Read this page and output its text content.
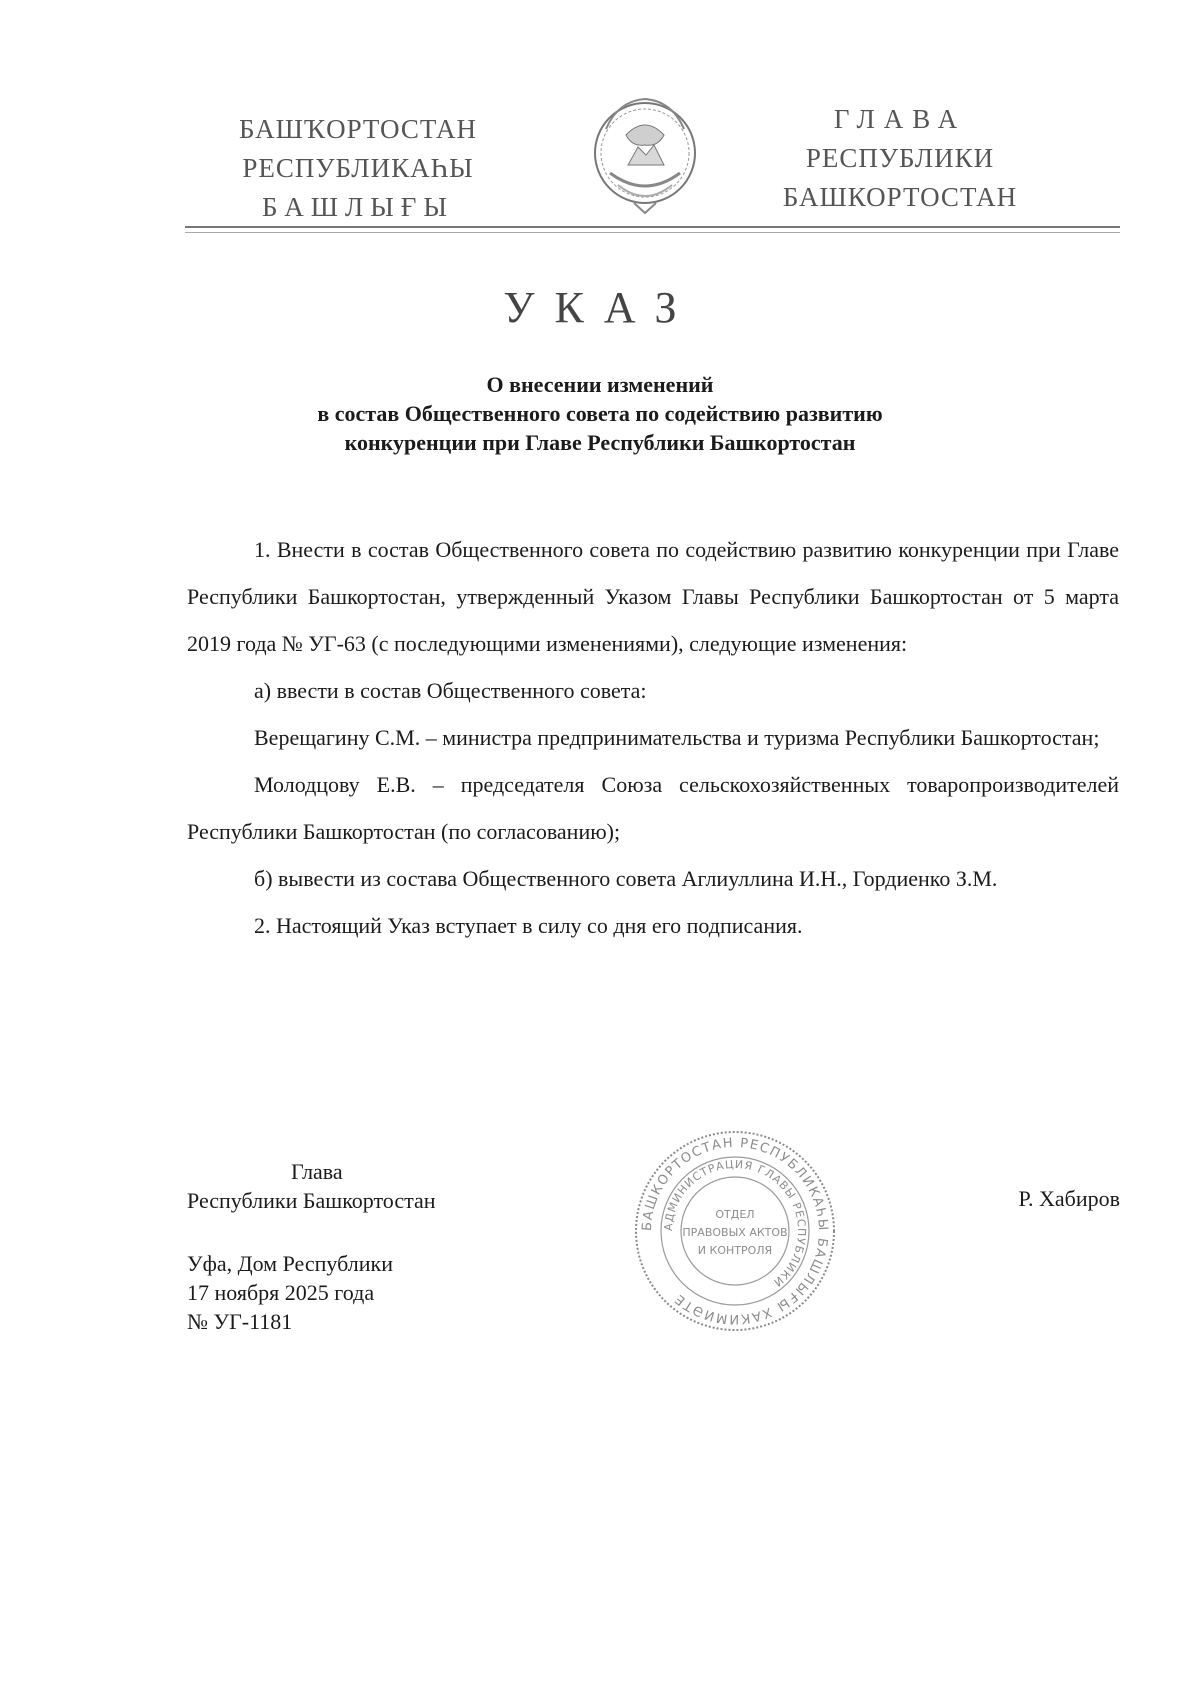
БАШҠОРТОСТАН
РЕСПУБЛИКАҺЫ
БАШЛЫҒЫ
ГЛАВА
РЕСПУБЛИКИ
БАШКОРТОСТАН
УКАЗ
О внесении изменений
в состав Общественного совета по содействию развитию
конкуренции при Главе Республики Башкортостан

1. Внести в состав Общественного совета по содействию развитию конкуренции при Главе Республики Башкортостан, утвержденный Указом Главы Республики Башкортостан от 5 марта 2019 года № УГ-63 (с последующими изменениями), следующие изменения:

а) ввести в состав Общественного совета:

Верещагину С.М. – министра предпринимательства и туризма Республики Башкортостан;

Молодцову Е.В. – председателя Союза сельскохозяйственных товаропроизводителей Республики Башкортостан (по согласованию);

б) вывести из состава Общественного совета Аглиуллина И.Н., Гордиенко З.М.

2. Настоящий Указ вступает в силу со дня его подписания.

Глава
Республики Башкортостан
БАШКОРТОСТАН РЕСПУБЛИКАҺЫ БАШЛЫҒЫ ХАКИМИӘТЕ
АДМИНИСТРАЦИЯ ГЛАВЫ РЕСПУБЛИКИ
ОТДЕЛ
ПРАВОВЫХ АКТОВ
И КОНТРОЛЯ
Р. Хабиров
Уфа, Дом Республики
17 ноября 2025 года
№ УГ-1181
